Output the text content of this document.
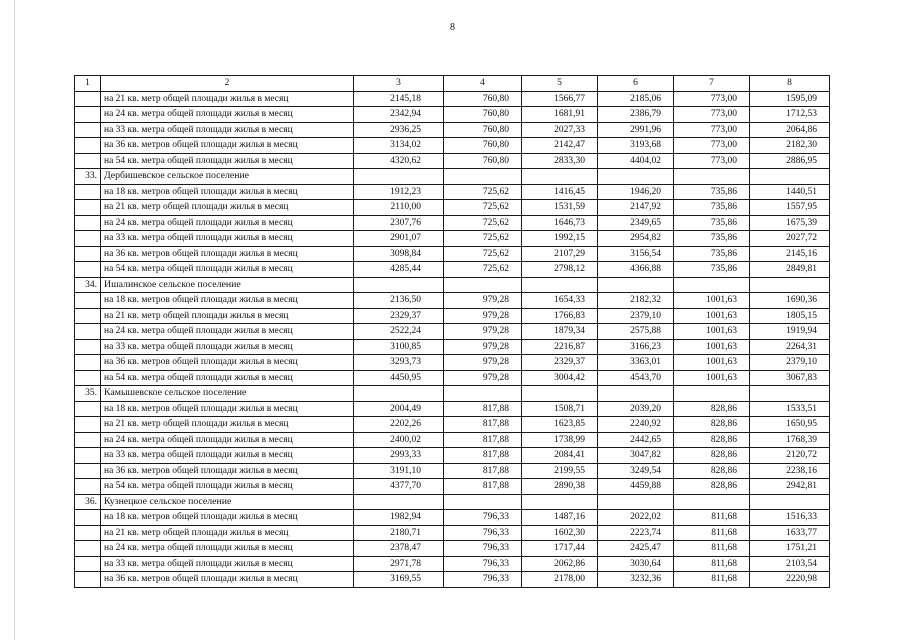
8
1	2	3	4	5	6	7	8
	на 21 кв. метр общей площади жилья в месяц	2145,18	760,80	1566,77	2185,06	773,00	1595,09
	на 24 кв. метра общей площади жилья в месяц	2342,94	760,80	1681,91	2386,79	773,00	1712,53
	на 33 кв. метра общей площади жилья в месяц	2936,25	760,80	2027,33	2991,96	773,00	2064,86
	на 36 кв. метров общей площади жилья в месяц	3134,02	760,80	2142,47	3193,68	773,00	2182,30
	на 54 кв. метра общей площади жилья в месяц	4320,62	760,80	2833,30	4404,02	773,00	2886,95
33.	Дербишевское сельское поселение						
	на 18 кв. метров общей площади жилья в месяц	1912,23	725,62	1416,45	1946,20	735,86	1440,51
	на 21 кв. метр общей площади жилья в месяц	2110,00	725,62	1531,59	2147,92	735,86	1557,95
	на 24 кв. метра общей площади жилья в месяц	2307,76	725,62	1646,73	2349,65	735,86	1675,39
	на 33 кв. метра общей площади жилья в месяц	2901,07	725,62	1992,15	2954,82	735,86	2027,72
	на 36 кв. метров общей площади жилья в месяц	3098,84	725,62	2107,29	3156,54	735,86	2145,16
	на 54 кв. метра общей площади жилья в месяц	4285,44	725,62	2798,12	4366,88	735,86	2849,81
34.	Ишалинское сельское поселение						
	на 18 кв. метров общей площади жилья в месяц	2136,50	979,28	1654,33	2182,32	1001,63	1690,36
	на 21 кв. метр общей площади жилья в месяц	2329,37	979,28	1766,83	2379,10	1001,63	1805,15
	на 24 кв. метра общей площади жилья в месяц	2522,24	979,28	1879,34	2575,88	1001,63	1919,94
	на 33 кв. метра общей площади жилья в месяц	3100,85	979,28	2216,87	3166,23	1001,63	2264,31
	на 36 кв. метров общей площади жилья в месяц	3293,73	979,28	2329,37	3363,01	1001,63	2379,10
	на 54 кв. метра общей площади жилья в месяц	4450,95	979,28	3004,42	4543,70	1001,63	3067,83
35.	Камышевское сельское поселение						
	на 18 кв. метров общей площади жилья в месяц	2004,49	817,88	1508,71	2039,20	828,86	1533,51
	на 21 кв. метр общей площади жилья в месяц	2202,26	817,88	1623,85	2240,92	828,86	1650,95
	на 24 кв. метра общей площади жилья в месяц	2400,02	817,88	1738,99	2442,65	828,86	1768,39
	на 33 кв. метра общей площади жилья в месяц	2993,33	817,88	2084,41	3047,82	828,86	2120,72
	на 36 кв. метров общей площади жилья в месяц	3191,10	817,88	2199,55	3249,54	828,86	2238,16
	на 54 кв. метра общей площади жилья в месяц	4377,70	817,88	2890,38	4459,88	828,86	2942,81
36.	Кузнецкое сельское поселение						
	на 18 кв. метров общей площади жилья в месяц	1982,94	796,33	1487,16	2022,02	811,68	1516,33
	на 21 кв. метр общей площади жилья в месяц	2180,71	796,33	1602,30	2223,74	811,68	1633,77
	на 24 кв. метра общей площади жилья в месяц	2378,47	796,33	1717,44	2425,47	811,68	1751,21
	на 33 кв. метра общей площади жилья в месяц	2971,78	796,33	2062,86	3030,64	811,68	2103,54
	на 36 кв. метров общей площади жилья в месяц	3169,55	796,33	2178,00	3232,36	811,68	2220,98
